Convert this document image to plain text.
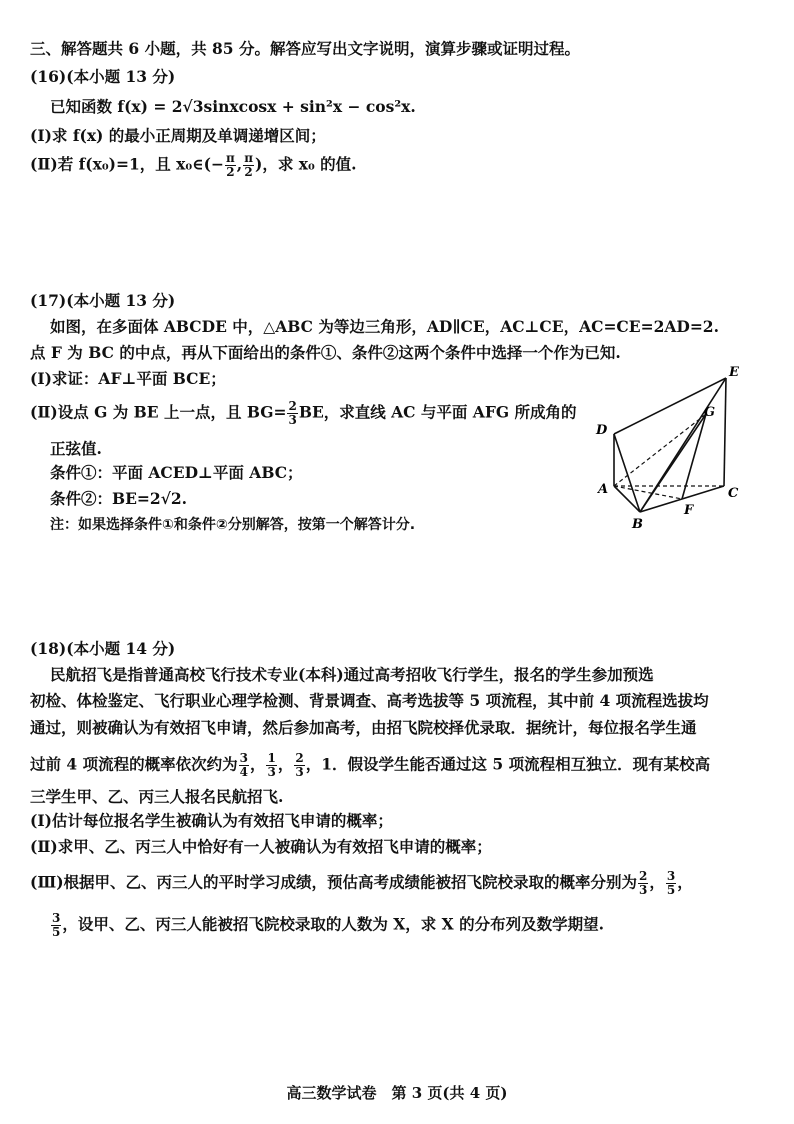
三、解答题共 6 小题，共 85 分。解答应写出文字说明，演算步骤或证明过程。
(16)(本小题 13 分)
已知函数 f(x) = 2√3sinxcosx + sin²x − cos²x.
(Ⅰ)求 f(x) 的最小正周期及单调递增区间；
(Ⅱ)若 f(x₀)=1，且 x₀∈(− $\frac{\pi}{2}$ , $\frac{\pi}{2}$ )，求 x₀ 的值.
(17)(本小题 13 分)
如图，在多面体 ABCDE 中，△ABC 为等边三角形，AD∥CE，AC⊥CE，AC=CE=2AD=2.
点 F 为 BC 的中点，再从下面给出的条件①、条件②这两个条件中选择一个作为已知.
(Ⅰ)求证：AF⊥平面 BCE；
(Ⅱ)设点 G 为 BE 上一点，且 $BG= \frac{2}{3}$ BE，求直线 AC 与平面 AFG 所成角的
正弦值.
条件①：平面 ACED⊥平面 ABC；
条件②：BE=2√2.
注：如果选择条件①和条件②分别解答，按第一个解答计分.
E
G
D
A	C
B
F
(18)(本小题 14 分)
民航招飞是指普通高校飞行技术专业(本科)通过高考招收飞行学生，报名的学生参加预选
初检、体检鉴定、飞行职业心理学检测、背景调查、高考选拔等 5 项流程，其中前 4 项流程选拔均
通过，则被确认为有效招飞申请，然后参加高考，由招飞院校择优录取．据统计，每位报名学生通
过前 4 项流程的概率依次约为 $\frac{3}{4}$ ， $\frac{1}{3}$ ， $\frac{2}{3}$ ，1．假设学生能否通过这 5 项流程相互独立．现有某校高
三学生甲、乙、丙三人报名民航招飞.
(Ⅰ)估计每位报名学生被确认为有效招飞申请的概率；
(Ⅱ)求甲、乙、丙三人中恰好有一人被确认为有效招飞申请的概率；
(Ⅲ)根据甲、乙、丙三人的平时学习成绩，预估高考成绩能被招飞院校录取的概率分别为 $\frac{2}{3}$ ， $\frac{3}{5}$ ，
$\frac{3}{5}$ ，设甲、乙、丙三人能被招飞院校录取的人数为 X，求 X 的分布列及数学期望.
高三数学试卷　第 3 页(共 4 页)
